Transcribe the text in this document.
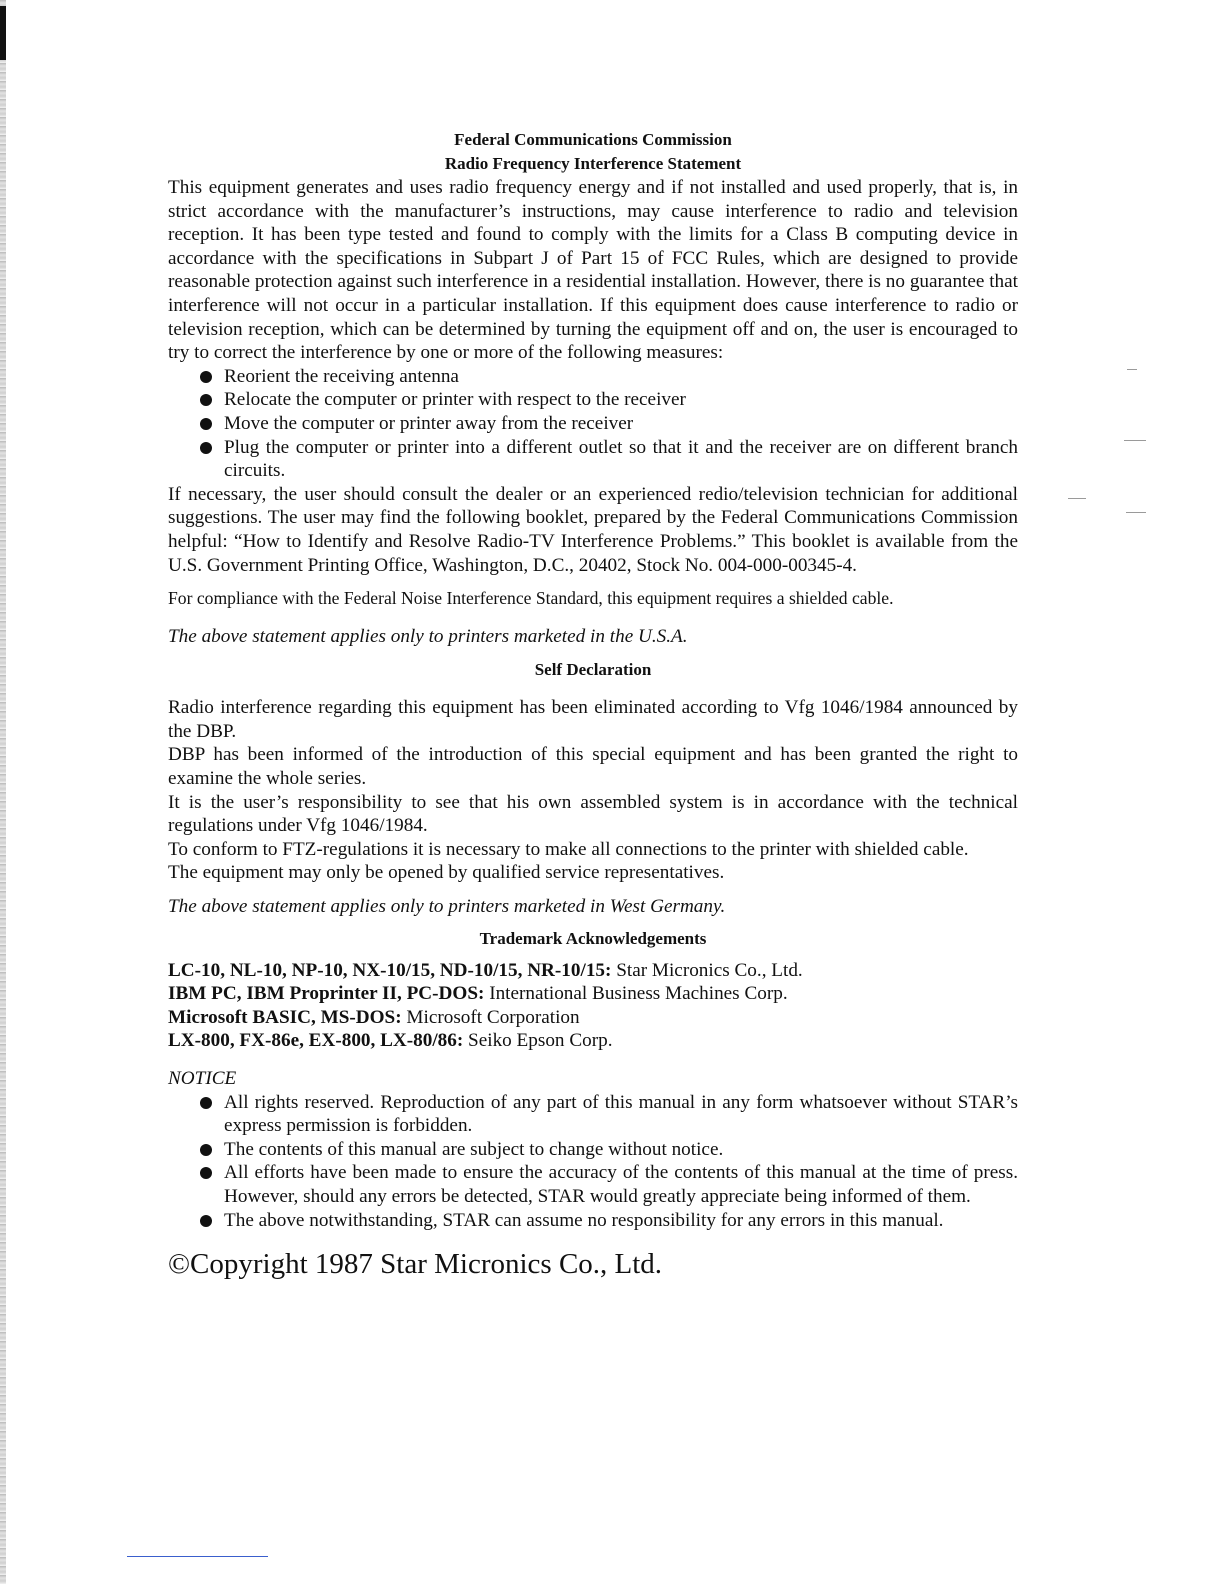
Federal Communications Commission
Radio Frequency Interference Statement

This equipment generates and uses radio frequency energy and if not installed and used properly, that is, in strict accordance with the manufacturer’s instructions, may cause interference to radio and television reception. It has been type tested and found to comply with the limits for a Class B computing device in accordance with the specifications in Subpart J of Part 15 of FCC Rules, which are designed to provide reasonable protection against such interference in a residential installation. However, there is no guarantee that interference will not occur in a particular installation. If this equipment does cause interference to radio or television reception, which can be determined by turning the equipment off and on, the user is encouraged to try to correct the interference by one or more of the following measures:

Reorient the receiving antenna
Relocate the computer or printer with respect to the receiver
Move the computer or printer away from the receiver
Plug the computer or printer into a different outlet so that it and the receiver are on different branch circuits.

If necessary, the user should consult the dealer or an experienced redio/television technician for additional suggestions. The user may find the following booklet, prepared by the Federal Communications Commission helpful: “How to Identify and Resolve Radio-TV Interference Problems.” This booklet is available from the U.S. Government Printing Office, Washington, D.C., 20402, Stock No. 004-000-00345-4.

For compliance with the Federal Noise Interference Standard, this equipment requires a shielded cable.

The above statement applies only to printers marketed in the U.S.A.

Self Declaration

Radio interference regarding this equipment has been eliminated according to Vfg 1046/1984 announced by the DBP.

DBP has been informed of the introduction of this special equipment and has been granted the right to examine the whole series.

It is the user’s responsibility to see that his own assembled system is in accordance with the technical regulations under Vfg 1046/1984.

To conform to FTZ-regulations it is necessary to make all connections to the printer with shielded cable.

The equipment may only be opened by qualified service representatives.

The above statement applies only to printers marketed in West Germany.

Trademark Acknowledgements

LC-10, NL-10, NP-10, NX-10/15, ND-10/15, NR-10/15: Star Micronics Co., Ltd.

IBM PC, IBM Proprinter II, PC-DOS: International Business Machines Corp.

Microsoft BASIC, MS-DOS: Microsoft Corporation

LX-800, FX-86e, EX-800, LX-80/86: Seiko Epson Corp.

NOTICE
All rights reserved. Reproduction of any part of this manual in any form whatsoever without STAR’s express permission is forbidden.
The contents of this manual are subject to change without notice.
All efforts have been made to ensure the accuracy of the contents of this manual at the time of press. However, should any errors be detected, STAR would greatly appreciate being informed of them.
The above notwithstanding, STAR can assume no responsibility for any errors in this manual.
©Copyright 1987 Star Micronics Co., Ltd.
